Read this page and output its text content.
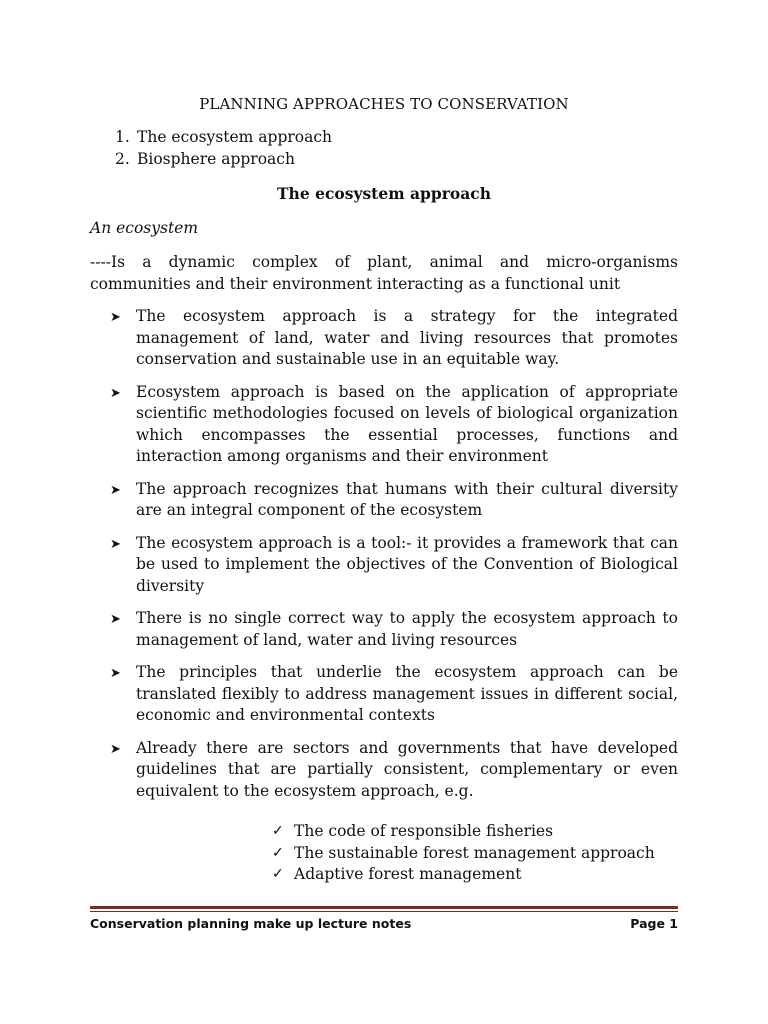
PLANNING APPROACHES TO CONSERVATION
1. The ecosystem approach
2. Biosphere approach
The ecosystem approach
An ecosystem
----Is a dynamic complex of plant, animal and micro-organisms communities and their environment interacting as a functional unit
➤ The ecosystem approach is a strategy for the integrated management of land, water and living resources that promotes conservation and sustainable use in an equitable way.
➤ Ecosystem approach is based on the application of appropriate scientific methodologies focused on levels of biological organization which encompasses the essential processes, functions and interaction among organisms and their environment
➤ The approach recognizes that humans with their cultural diversity are an integral component of the ecosystem
➤ The ecosystem approach is a tool:- it provides a framework that can be used to implement the objectives of the Convention of Biological diversity
➤ There is no single correct way to apply the ecosystem approach to management of land, water and living resources
➤ The principles that underlie the ecosystem approach can be translated flexibly to address management issues in different social, economic and environmental contexts
➤ Already there are sectors and governments that have developed guidelines that are partially consistent, complementary or even equivalent to the ecosystem approach, e.g.
✓ The code of responsible fisheries
✓ The sustainable forest management approach
✓ Adaptive forest management
Conservation planning make up lecture notes	Page 1
